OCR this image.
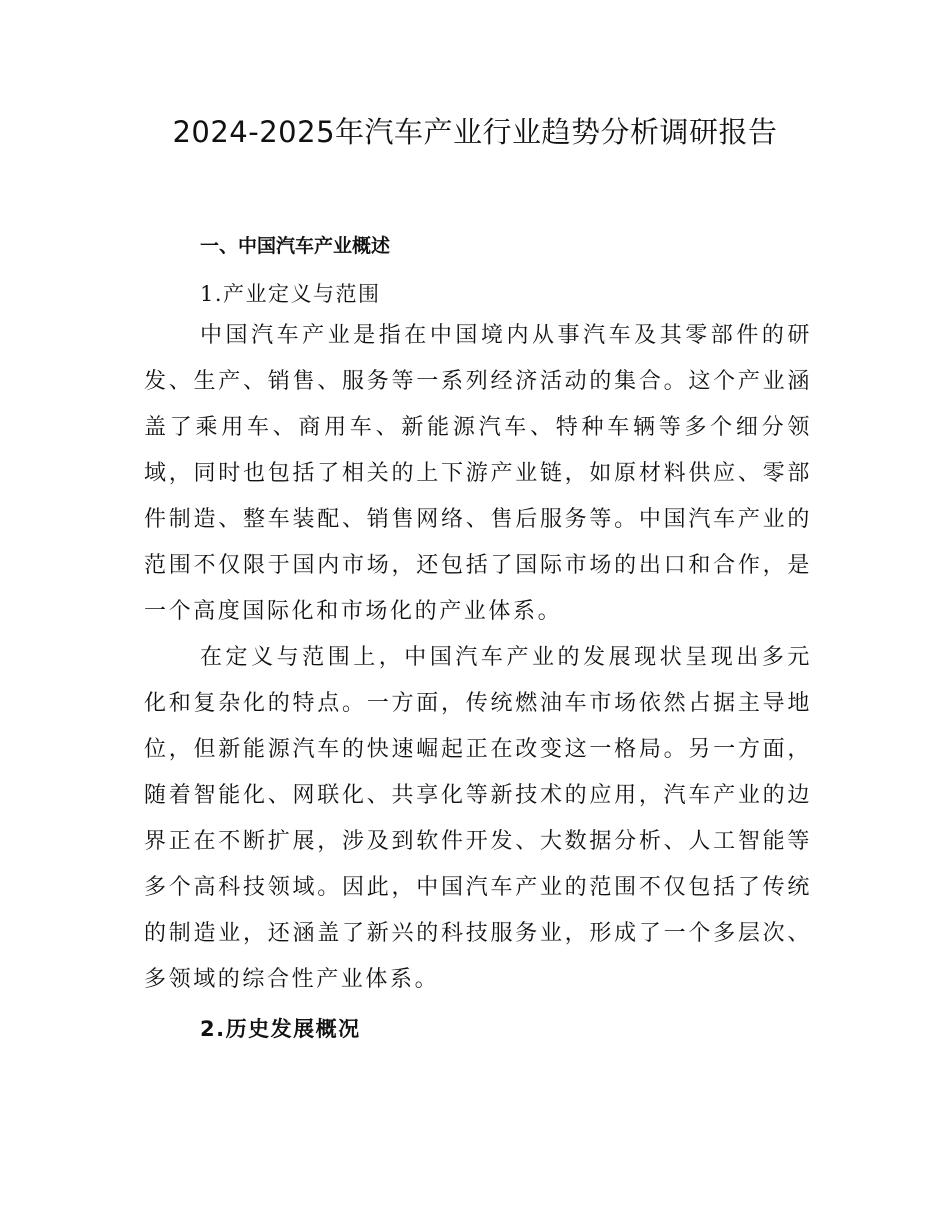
2024-2025年汽车产业行业趋势分析调研报告
一、中国汽车产业概述
1.产业定义与范围

中国汽车产业是指在中国境内从事汽车及其零部件的研发、生产、销售、服务等一系列经济活动的集合。这个产业涵盖了乘用车、商用车、新能源汽车、特种车辆等多个细分领域，同时也包括了相关的上下游产业链，如原材料供应、零部件制造、整车装配、销售网络、售后服务等。中国汽车产业的范围不仅限于国内市场，还包括了国际市场的出口和合作，是一个高度国际化和市场化的产业体系。

在定义与范围上，中国汽车产业的发展现状呈现出多元化和复杂化的特点。一方面，传统燃油车市场依然占据主导地位，但新能源汽车的快速崛起正在改变这一格局。另一方面，随着智能化、网联化、共享化等新技术的应用，汽车产业的边界正在不断扩展，涉及到软件开发、大数据分析、人工智能等多个高科技领域。因此，中国汽车产业的范围不仅包括了传统的制造业，还涵盖了新兴的科技服务业，形成了一个多层次、多领域的综合性产业体系。

2.历史发展概况
